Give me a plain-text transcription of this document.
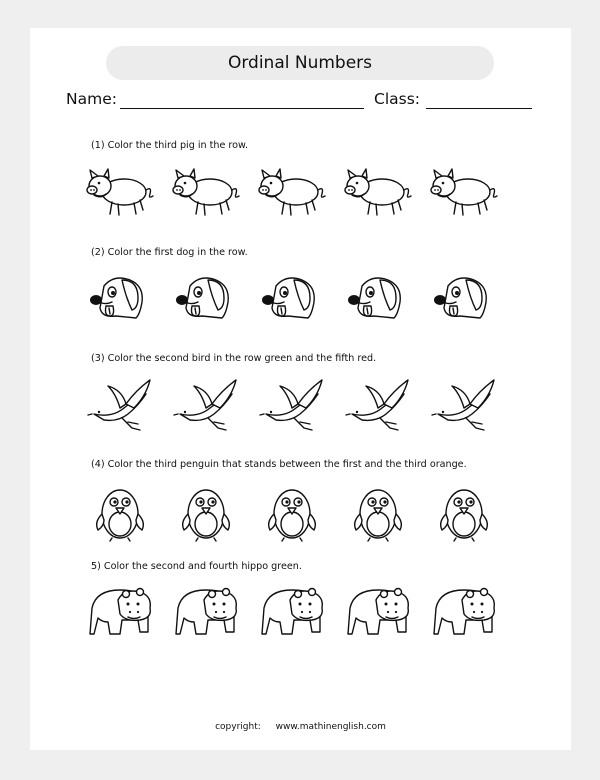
Ordinal Numbers
Name:	Class:
(1) Color the third pig in the row.
(2) Color the first dog in the row.
(3) Color the second bird in the row green and the fifth red.
(4) Color the third penguin that stands between the first and the third orange.
5) Color the second and fourth hippo green.
copyright: www.mathinenglish.com
